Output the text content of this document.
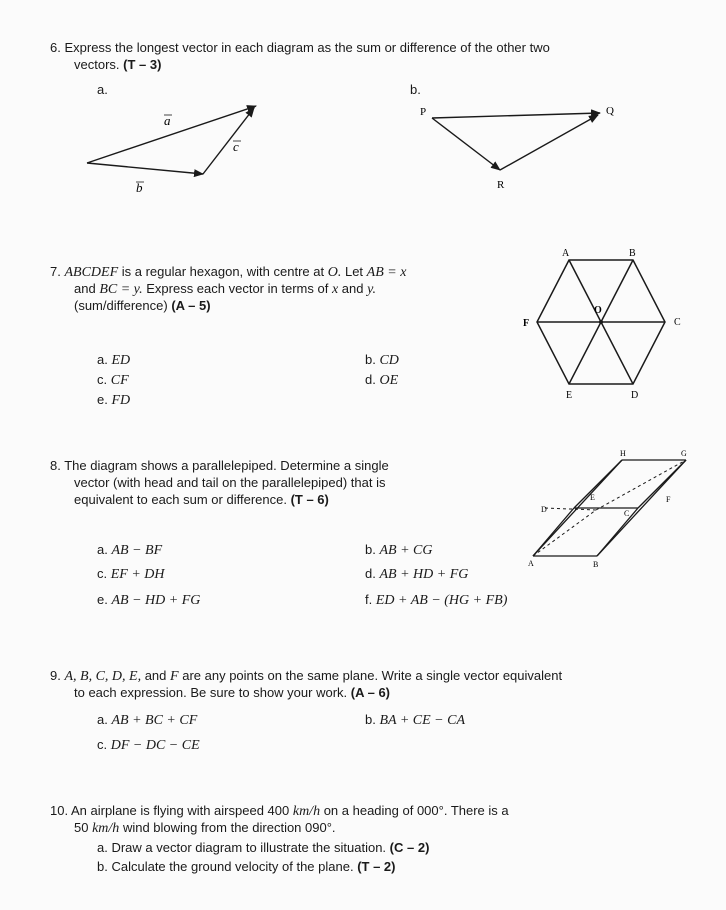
6. Express the longest vector in each diagram as the sum or difference of the other two
vectors. (T – 3)
a.	b.
a
b
c
P	Q
R
7. ABCDEF is a regular hexagon, with centre at O. Let AB = x
and BC = y. Express each vector in terms of x and y.
(sum/difference) (A – 5)
a. ED	b. CD
c. CF	d. OE
e. FD
A	B
C
D
E
F
O
8. The diagram shows a parallelepiped. Determine a single
vector (with head and tail on the parallelepiped) that is
equivalent to each sum or difference. (T – 6)
a. AB − BF	b. AB + CG
c. EF + DH	d. AB + HD + FG
e. AB − HD + FG	f. ED + AB − (HG + FB)
A	B
C
D
E	F
G
H
9. A, B, C, D, E, and F are any points on the same plane. Write a single vector equivalent
to each expression. Be sure to show your work. (A – 6)
a. AB + BC + CF	b. BA + CE − CA
c. DF − DC − CE
10. An airplane is flying with airspeed 400 km/h on a heading of 000°. There is a
50 km/h wind blowing from the direction 090°.
a. Draw a vector diagram to illustrate the situation. (C – 2)
b. Calculate the ground velocity of the plane. (T – 2)
